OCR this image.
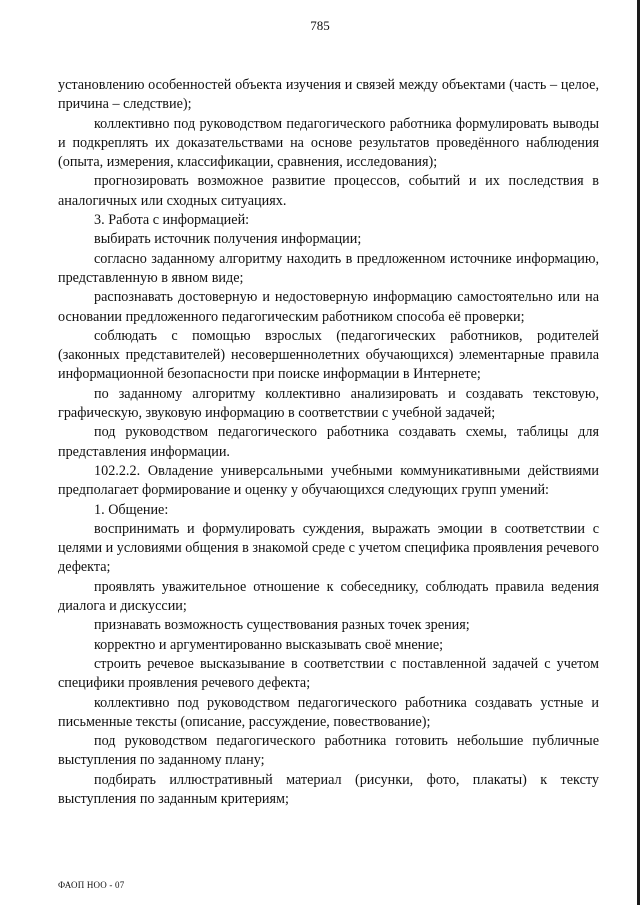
785

установлению особенностей объекта изучения и связей между объектами (часть – целое, причина – следствие);

коллективно под руководством педагогического работника формулировать выводы и подкреплять их доказательствами на основе результатов проведённого наблюдения (опыта, измерения, классификации, сравнения, исследования);

прогнозировать возможное развитие процессов, событий и их последствия в аналогичных или сходных ситуациях.

3. Работа с информацией:

выбирать источник получения информации;

согласно заданному алгоритму находить в предложенном источнике информацию, представленную в явном виде;

распознавать достоверную и недостоверную информацию самостоятельно или на основании предложенного педагогическим работником способа её проверки;

соблюдать с помощью взрослых (педагогических работников, родителей (законных представителей) несовершеннолетних обучающихся) элементарные правила информационной безопасности при поиске информации в Интернете;

по заданному алгоритму коллективно анализировать и создавать текстовую, графическую, звуковую информацию в соответствии с учебной задачей;

под руководством педагогического работника создавать схемы, таблицы для представления информации.

102.2.2. Овладение универсальными учебными коммуникативными действиями предполагает формирование и оценку у обучающихся следующих групп умений:

1. Общение:

воспринимать и формулировать суждения, выражать эмоции в соответствии с целями и условиями общения в знакомой среде с учетом специфика проявления речевого дефекта;

проявлять уважительное отношение к собеседнику, соблюдать правила ведения диалога и дискуссии;

признавать возможность существования разных точек зрения;

корректно и аргументированно высказывать своё мнение;

строить речевое высказывание в соответствии с поставленной задачей с учетом специфики проявления речевого дефекта;

коллективно под руководством педагогического работника создавать устные и письменные тексты (описание, рассуждение, повествование);

под руководством педагогического работника готовить небольшие публичные выступления по заданному плану;

подбирать иллюстративный материал (рисунки, фото, плакаты) к тексту выступления по заданным критериям;

ФАОП НОО - 07
